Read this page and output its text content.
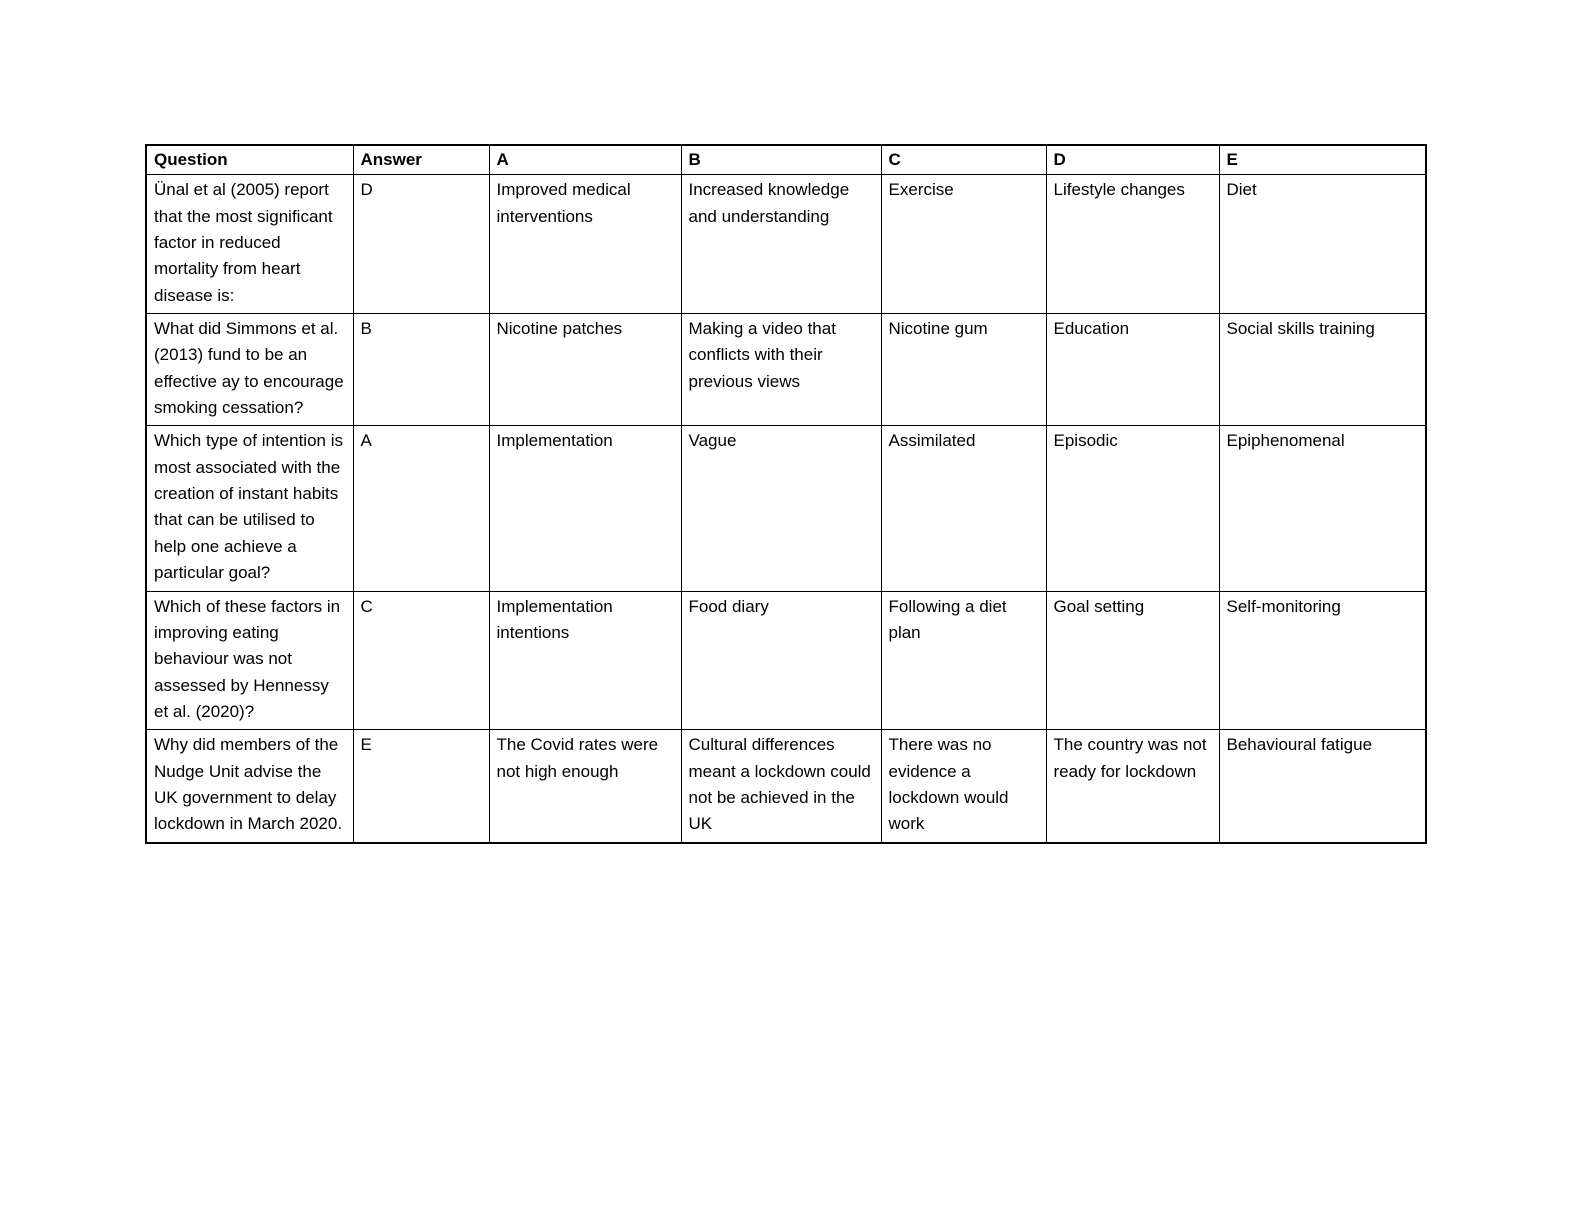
Question	Answer	A	B	C	D	E
Ünal et al (2005) report that the most significant factor in reduced mortality from heart disease is:	D	Improved medical interventions	Increased knowledge and understanding	Exercise	Lifestyle changes	Diet
What did Simmons et al. (2013) fund to be an effective ay to encourage smoking cessation?	B	Nicotine patches	Making a video that conflicts with their previous views	Nicotine gum	Education	Social skills training
Which type of intention is most associated with the creation of instant habits that can be utilised to help one achieve a particular goal?	A	Implementation	Vague	Assimilated	Episodic	Epiphenomenal
Which of these factors in improving eating behaviour was not assessed by Hennessy et al. (2020)?	C	Implementation intentions	Food diary	Following a diet plan	Goal setting	Self-monitoring
Why did members of the Nudge Unit advise the UK government to delay lockdown in March 2020.	E	The Covid rates were not high enough	Cultural differences meant a lockdown could not be achieved in the UK	There was no evidence a lockdown would work	The country was not ready for lockdown	Behavioural fatigue
